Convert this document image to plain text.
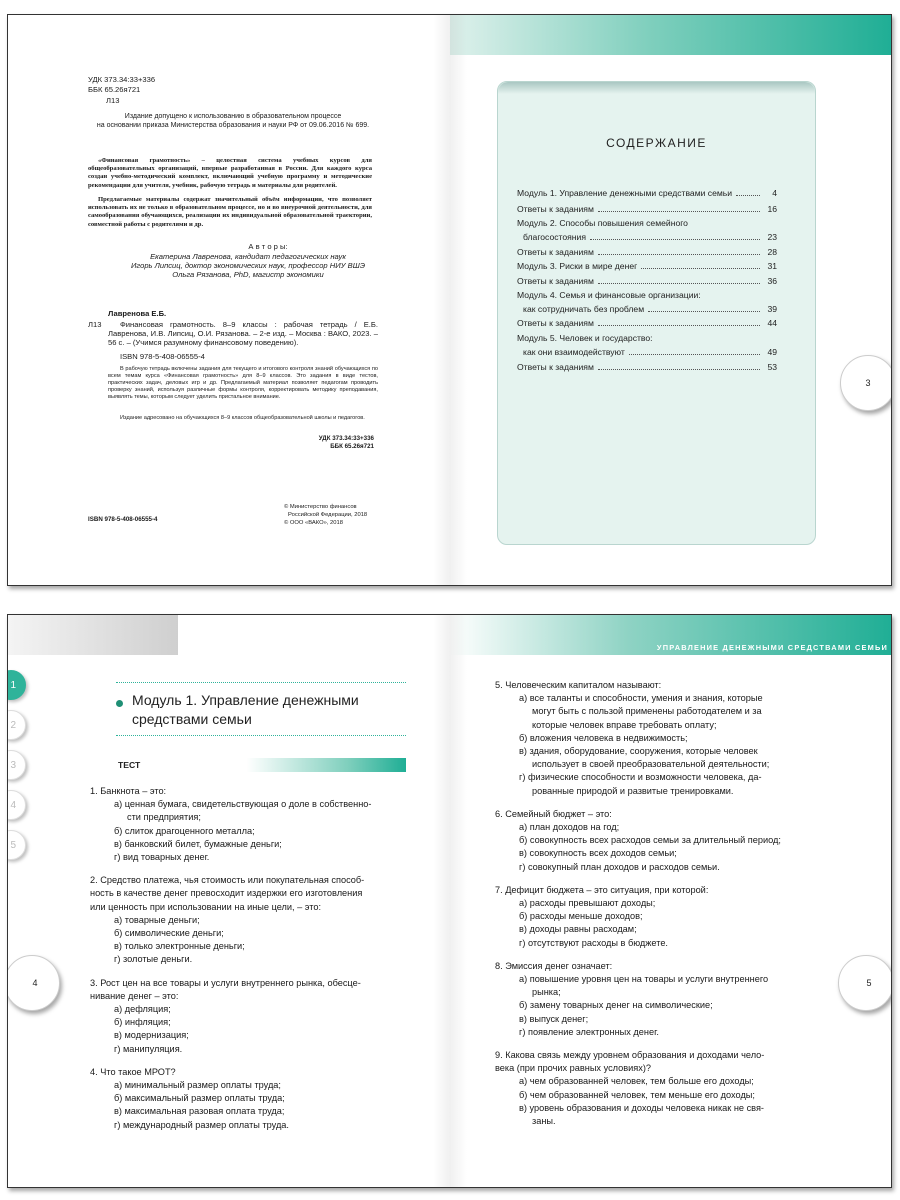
УДК 373.34:33+336
ББК 65.26я721
Л13
Издание допущено к использованию в образовательном процессе
на основании приказа Министерства образования и науки РФ от 09.06.2016 № 699.
«Финансовая грамотность» – целостная система учебных курсов для общеобразовательных организаций, впервые разработанная в России. Для каждого курса создан учебно-методический комплект, включающий учебную программу и методические рекомендации для учителя, учебник, рабочую тетрадь и материалы для родителей.
Предлагаемые материалы содержат значительный объём информации, что позволяет использовать их не только в образовательном процессе, но и во внеурочной деятельности, для самообразования обучающихся, реализации их индивидуальной образовательной траектории, совместной работы с родителями и др.
А в т о р ы:
Екатерина Лавренова, кандидат педагогических наук
Игорь Липсиц, доктор экономических наук, профессор НИУ ВШЭ
Ольга Рязанова, PhD, магистр экономики
Лавренова Е.Б.
Л13	Финансовая грамотность. 8–9 классы : рабочая тетрадь / Е.Б. Лавренова, И.В. Липсиц, О.И. Рязанова. – 2-е изд. – Москва : ВАКО, 2023. – 56 с. – (Учимся разумному финансовому поведению).
ISBN 978-5-408-06555-4
В рабочую тетрадь включены задания для текущего и итогового контроля знаний обучающихся по всем темам курса «Финансовая грамотность» для 8–9 классов. Это задания в виде тестов, практических задач, деловых игр и др. Предлагаемый материал позволяет педагогам проводить проверку знаний, используя различные формы контроля, корректировать методику преподавания, выявлять темы, которым следует уделить пристальное внимание.
Издание адресовано на обучающихся 8–9 классов общеобразовательной школы и педагогов.
УДК 373.34:33+336
ББК 65.26я721
ISBN 978-5-408-06555-4
© Министерство финансов
Российской Федерации, 2018
© ООО «ВАКО», 2018
СОДЕРЖАНИЕ
3
Модуль 1. Управление денежными средствами семьи	4
Ответы к заданиям	16
Модуль 2. Способы повышения семейного
благосостояния	23
Ответы к заданиям	28
Модуль 3. Риски в мире денег	31
Ответы к заданиям	36
Модуль 4. Семья и финансовые организации:
как сотрудничать без проблем	39
Ответы к заданиям	44
Модуль 5. Человек и государство:
как они взаимодействуют	49
Ответы к заданиям	53
УПРАВЛЕНИЕ ДЕНЕЖНЫМИ СРЕДСТВАМИ СЕМЬИ
Модуль 1. Управление денежными
средствами семьи
ТЕСТ
4	5
1
2
3
4
5
1. Банкнота – это:
а) ценная бумага, свидетельствующая о доле в собственно-
сти предприятия;
б) слиток драгоценного металла;
в) банковский билет, бумажные деньги;
г) вид товарных денег.
2. Средство платежа, чья стоимость или покупательная способ-
ность в качестве денег превосходит издержки его изготовления
или ценность при использовании на иные цели, – это:
а) товарные деньги;
б) символические деньги;
в) только электронные деньги;
г) золотые деньги.
3. Рост цен на все товары и услуги внутреннего рынка, обесце-
нивание денег – это:
а) дефляция;
б) инфляция;
в) модернизация;
г) манипуляция.
4. Что такое МРОТ?
а) минимальный размер оплаты труда;
б) максимальный размер оплаты труда;
в) максимальная разовая оплата труда;
г) международный размер оплаты труда.
5. Человеческим капиталом называют:
а) все таланты и способности, умения и знания, которые
могут быть с пользой применены работодателем и за
которые человек вправе требовать оплату;
б) вложения человека в недвижимость;
в) здания, оборудование, сооружения, которые человек
использует в своей преобразовательной деятельности;
г) физические способности и возможности человека, да-
рованные природой и развитые тренировками.
6. Семейный бюджет – это:
а) план доходов на год;
б) совокупность всех расходов семьи за длительный период;
в) совокупность всех доходов семьи;
г) совокупный план доходов и расходов семьи.
7. Дефицит бюджета – это ситуация, при которой:
а) расходы превышают доходы;
б) расходы меньше доходов;
в) доходы равны расходам;
г) отсутствуют расходы в бюджете.
8. Эмиссия денег означает:
а) повышение уровня цен на товары и услуги внутреннего
рынка;
б) замену товарных денег на символические;
в) выпуск денег;
г) появление электронных денег.
9. Какова связь между уровнем образования и доходами чело-
века (при прочих равных условиях)?
а) чем образованней человек, тем больше его доходы;
б) чем образованней человек, тем меньше его доходы;
в) уровень образования и доходы человека никак не свя-
заны.
